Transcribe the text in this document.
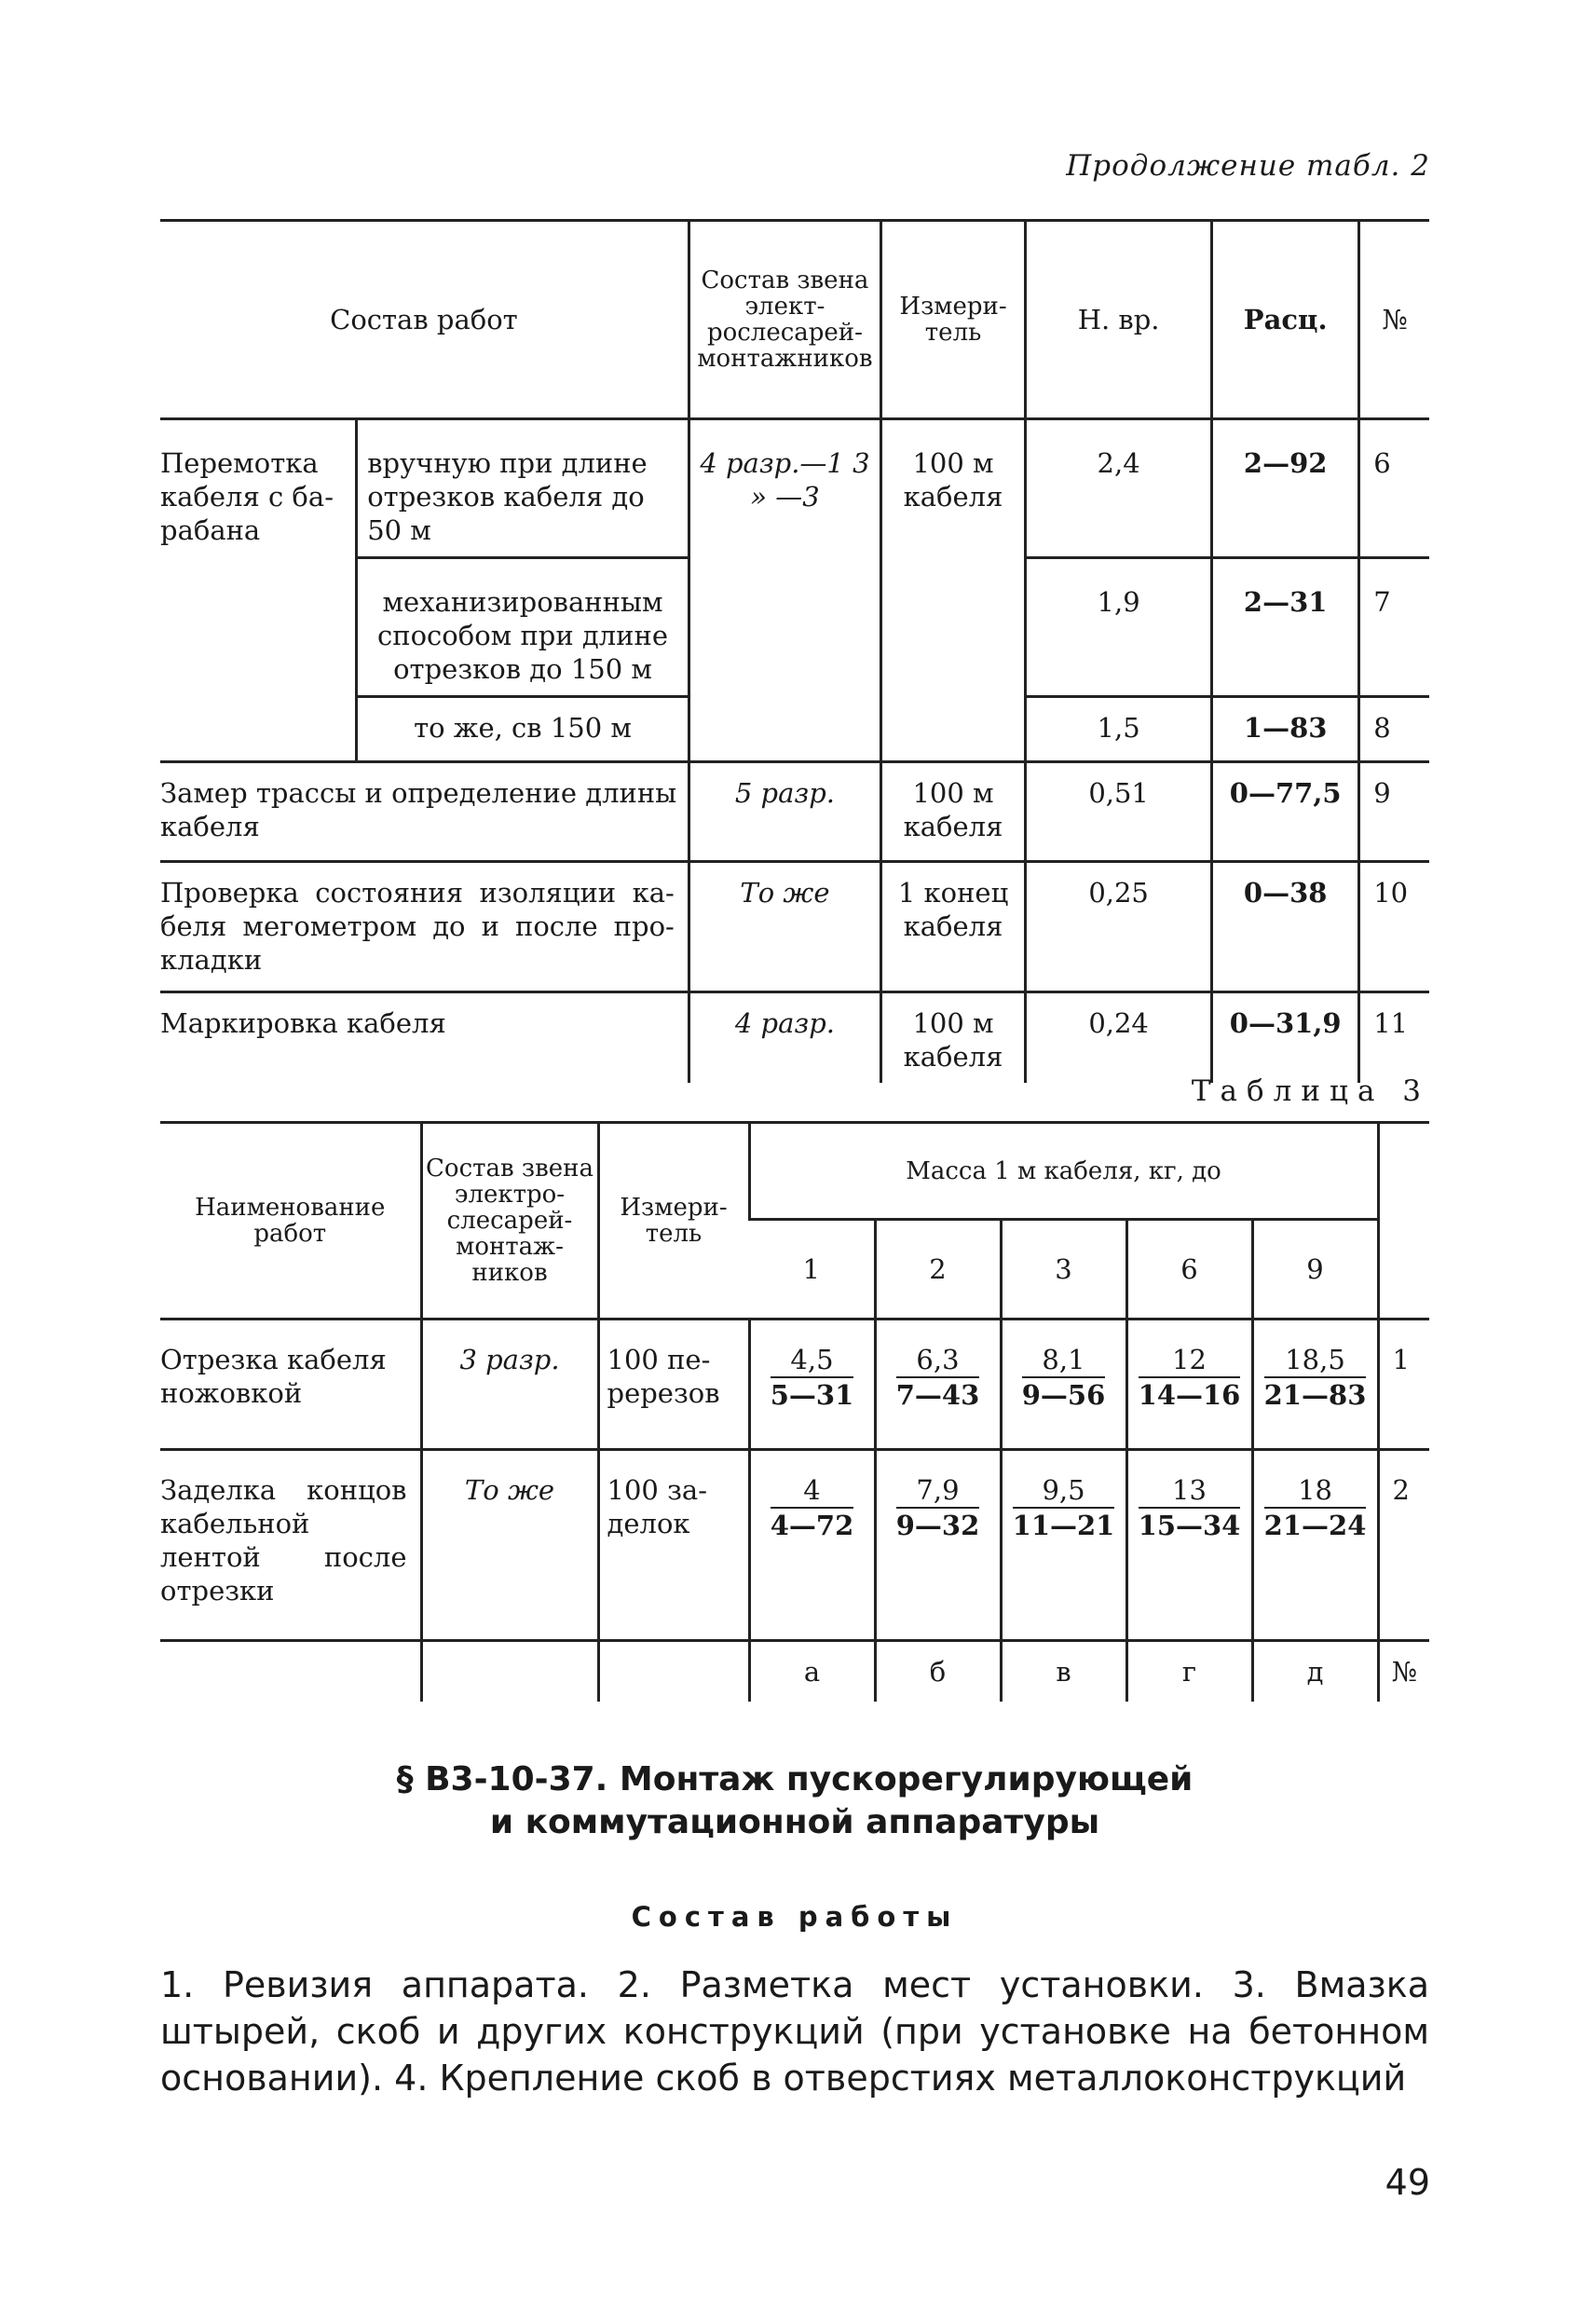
Продолжение табл. 2
Состав работ		Состав звена электрослесареймонтажников	Измеритель	Н. вр.	Расц.	№
Перемотка кабеля с барабана	вручную при длине отрезков кабеля до 50 м	4 разр.—1 3 » —3	100 м кабеля	2,4	2—92	6
	механизированным способом при длине отрезков до 150 м			1,9	2—31	7
	то же, св 150 м			1,5	1—83	8
Замер трассы и определение длины кабеля		5 разр.	100 м кабеля	0,51	0—77,5	9
Проверка состояния изоляции кабеля мегометром до и после прокладки		То же	1 конец кабеля	0,25	0—38	10
Маркировка кабеля		4 разр.	100 м кабеля	0,24	0—31,9	11
Таблица 3
Наименование работ	Состав звена электрослесареймонтажников	Измеритель	Масса 1 м кабеля, кг, до					
			1	2	3	6	9	
Отрезка кабеля ножовкой	3 разр.	100 перерезов	$\frac{4,5}{5—31}$	$\frac{6,3}{7—43}$	$\frac{8,1}{9—56}$	$\frac{12}{14—16}$	$\frac{18,5}{21—83}$	1
Заделка концов кабельной лентой после отрезки	То же	100 заделок	$\frac{4}{4—72}$	$\frac{7,9}{9—32}$	$\frac{9,5}{11—21}$	$\frac{13}{15—34}$	$\frac{18}{21—24}$	2
			а	б	в	г	д	№
§ В3-10-37. Монтаж пускорегулирующей
и коммутационной аппаратуры
Состав работы
1. Ревизия аппарата. 2. Разметка мест установки. 3. Вмазка штырей, скоб и других конструкций (при установке на бетонном основании). 4. Крепление скоб в отверстиях металлоконструкций
49
